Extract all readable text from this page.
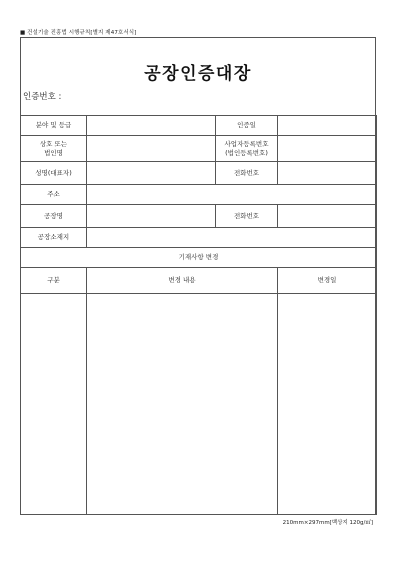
■ 건설기술 진흥법 시행규칙[별지 제47호서식]
공장인증대장
인증번호 :
분야 및 등급		인증일	
상호 또는
법인명		사업자등록번호
(법인등록번호)	
성명(대표자)		전화번호	
주소			
공장명		전화번호	
공장소재지			
기재사항 변경			
구분	변경 내용		변경일

210mm×297mm[백상지 120g/㎡]
